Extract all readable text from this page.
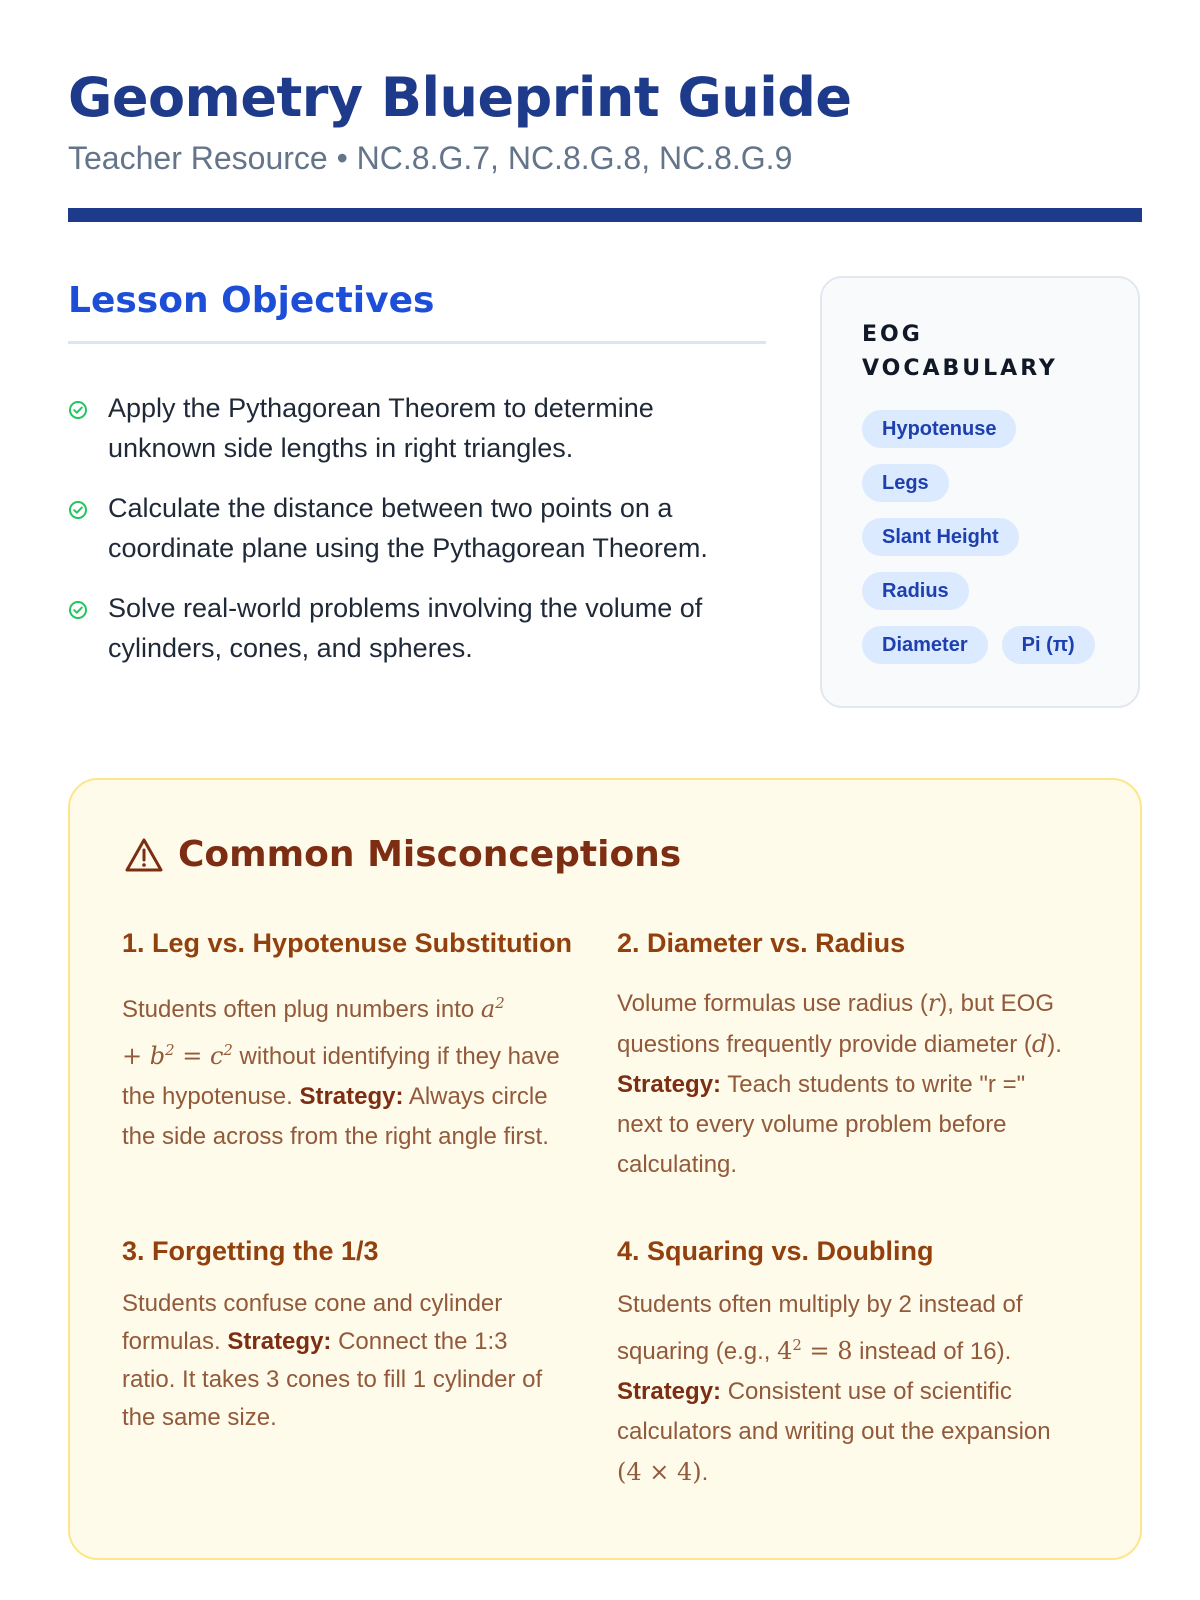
Geometry Blueprint Guide
Teacher Resource • NC.8.G.7, NC.8.G.8, NC.8.G.9
Lesson Objectives
Apply the Pythagorean Theorem to determine unknown side lengths in right triangles.
Calculate the distance between two points on a coordinate plane using the Pythagorean Theorem.
Solve real-world problems involving the volume of cylinders, cones, and spheres.
EOG VOCABULARY
Hypotenuse
Legs
Slant Height
Radius
Diameter	Pi (π)
Common Misconceptions
1. Leg vs. Hypotenuse Substitution

Students often plug numbers into $a^2$
+ $b^2 = c^2$ without identifying if they have the hypotenuse. Strategy: Always circle the side across from the right angle first.

2. Diameter vs. Radius

Volume formulas use radius (r), but EOG questions frequently provide diameter (d). Strategy: Teach students to write "r =" next to every volume problem before calculating.

3. Forgetting the 1/3

Students confuse cone and cylinder formulas. Strategy: Connect the 1:3 ratio. It takes 3 cones to fill 1 cylinder of the same size.

4. Squaring vs. Doubling

Students often multiply by 2 instead of squaring (e.g., $4^2 = 8$ instead of 16). Strategy: Consistent use of scientific calculators and writing out the expansion (4 × 4).
